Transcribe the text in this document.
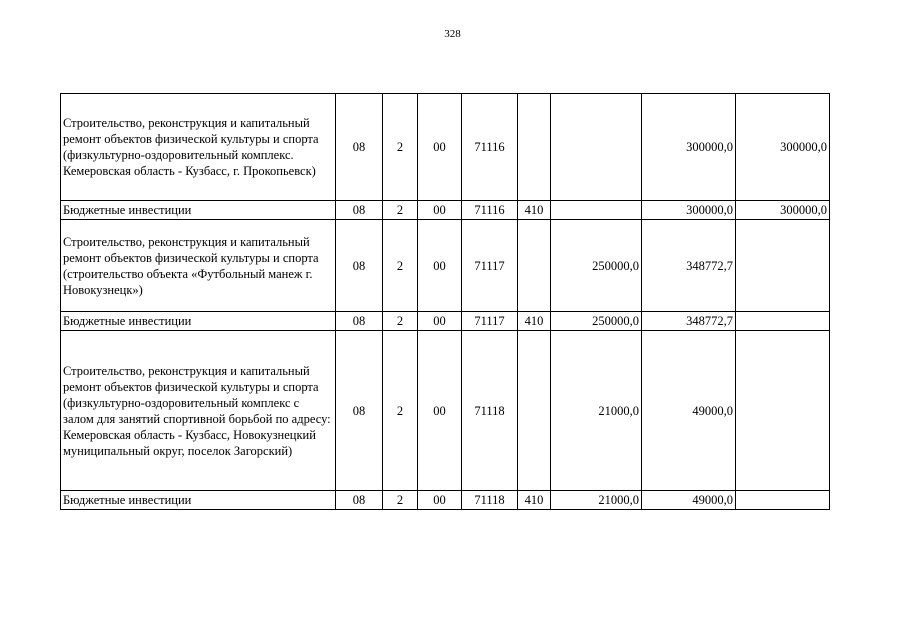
328
Строительство, реконструкция и капитальный ремонт объектов физической культуры и спорта (физкультурно-оздоровительный комплекс. Кемеровская область - Кузбасс, г. Прокопьевск)	08	2	00	71116			300000,0	300000,0
Бюджетные инвестиции	08	2	00	71116	410		300000,0	300000,0
Строительство, реконструкция и капитальный ремонт объектов физической культуры и спорта (строительство объекта «Футбольный манеж г. Новокузнецк»)	08	2	00	71117		250000,0	348772,7	
Бюджетные инвестиции	08	2	00	71117	410	250000,0	348772,7	
Строительство, реконструкция и капитальный ремонт объектов физической культуры и спорта (физкультурно-оздоровительный комплекс с залом для занятий спортивной борьбой по адресу: Кемеровская область - Кузбасс, Новокузнецкий муниципальный округ, поселок Загорский)	08	2	00	71118		21000,0	49000,0	
Бюджетные инвестиции	08	2	00	71118	410	21000,0	49000,0	
